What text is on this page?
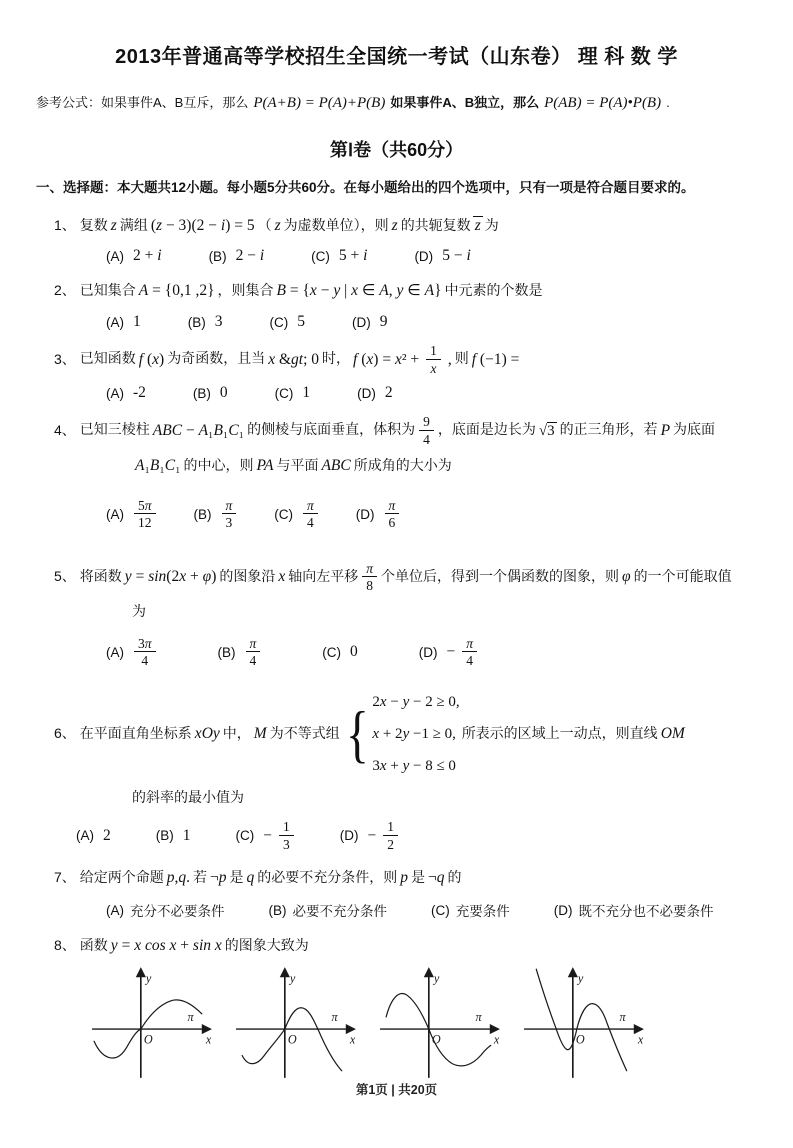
2013年普通高等学校招生全国统一考试（山东卷） 理 科 数 学
参考公式：如果事件A、B互斥，那么 P(A+B) = P(A)+P(B) 如果事件A、B独立，那么 P(AB) = P(A)•P(B) .
第Ⅰ卷（共60分）
一、选择题：本大题共12小题。每小题5分共60分。在每小题给出的四个选项中，只有一项是符合题目要求的。
1、 复数 z 满组 (z − 3)(2 − i) = 5 （ z 为虚数单位），则 z 的共轭复数 z 为
(A) 2 + i	(B) 2 − i	(C) 5 + i	(D) 5 − i
2、 已知集合 A = {0,1 ,2} ，则集合 B = {x − y | x ∈ A, y ∈ A} 中元素的个数是
(A) 1	(B) 3	(C) 5	(D) 9
3、 已知函数 f (x) 为奇函数，且当 x &gt; 0 时， f $(x) = x^2 + \frac{1}{x}$ , 则 f (−1) =
(A) -2	(B) 0	(C) 1	(D) 2
4、 已知三棱柱 ABC − A₁B₁C₁ 的侧棱与底面垂直，体积为 $\frac{9}{4}$ ，底面是边长为 √3 的正三角形，若 P 为底面
A₁B₁C₁ 的中心，则 PA 与平面 ABC 所成角的大小为
$(A) \frac{5\pi}{12}$	$(B) \frac{\pi}{3}$	$(C) \frac{\pi}{4}$	$(D) \frac{\pi}{6}$
5、 将函数 y = sin(2x + φ) 的图象沿 x 轴向左平移 $\frac{\pi}{8}$ 个单位后，得到一个偶函数的图象，则 φ 的一个可能取值
为
$(A) \frac{3\pi}{4}$	$(B) \frac{\pi}{4}$	(C) 0	$(D) - \frac{\pi}{4}$
6、 在平面直角坐标系 xOy 中， M 为不等式组 { 2x − y − 2 ≥ 0,
x + 2y −1 ≥ 0,
3x + y − 8 ≤ 0
所表示的区域上一动点，则直线 OM
的斜率的最小值为
(A) 2	(B) 1	$(C) - \frac{1}{3}$	$(D) - \frac{1}{2}$
7、 给定两个命题 p,q. 若 ¬p 是 q 的必要不充分条件，则 p 是 ¬q 的
(A) 充分不必要条件	(B) 必要不充分条件	(C) 充要条件	(D) 既不充分也不必要条件
8、 函数 y = x cos x + sin x 的图象大致为
y
x
O
π
y
x
O
π
y
x
O
π
y
x
O
π
第1页 | 共20页
